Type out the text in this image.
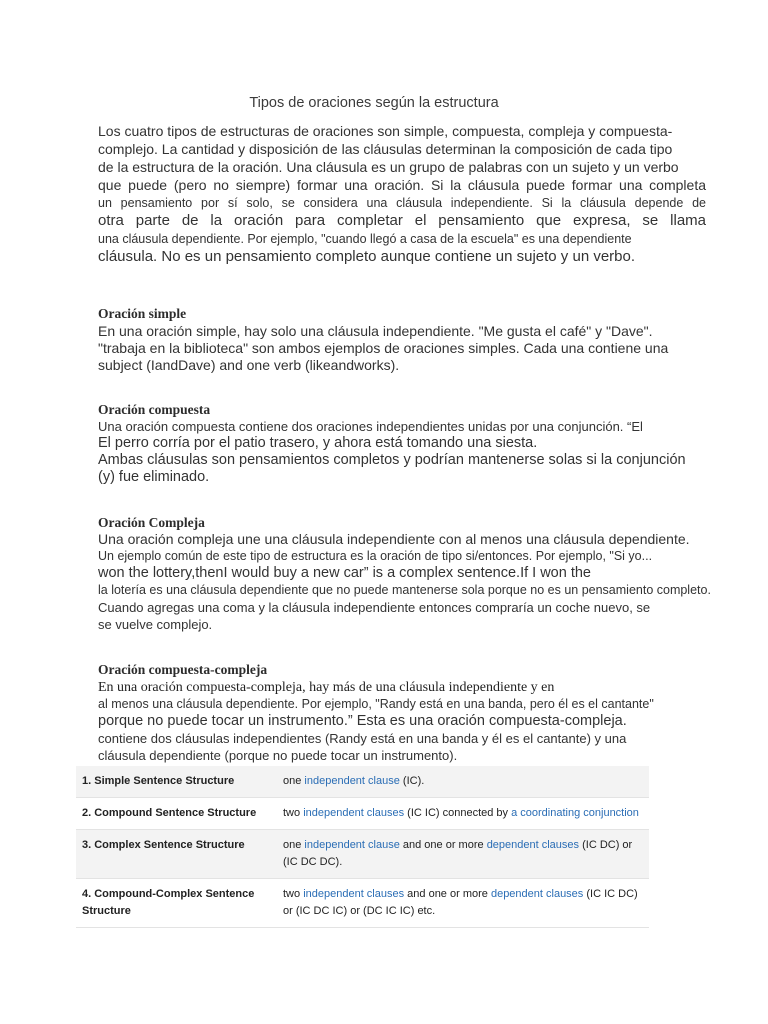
Tipos de oraciones según la estructura
Los cuatro tipos de estructuras de oraciones son simple, compuesta, compleja y compuesta-
complejo. La cantidad y disposición de las cláusulas determinan la composición de cada tipo
de la estructura de la oración. Una cláusula es un grupo de palabras con un sujeto y un verbo
que puede (pero no siempre) formar una oración. Si la cláusula puede formar una completa
un pensamiento por sí solo, se considera una cláusula independiente. Si la cláusula depende de
otra parte de la oración para completar el pensamiento que expresa, se llama
una cláusula dependiente. Por ejemplo, "cuando llegó a casa de la escuela" es una dependiente
cláusula. No es un pensamiento completo aunque contiene un sujeto y un verbo.
Oración simple
En una oración simple, hay solo una cláusula independiente. "Me gusta el café" y "Dave".
"trabaja en la biblioteca" son ambos ejemplos de oraciones simples. Cada una contiene una
subject (IandDave) and one verb (likeandworks).
Oración compuesta
Una oración compuesta contiene dos oraciones independientes unidas por una conjunción. “El
El perro corría por el patio trasero, y ahora está tomando una siesta.
Ambas cláusulas son pensamientos completos y podrían mantenerse solas si la conjunción
(y) fue eliminado.
Oración Compleja
Una oración compleja une una cláusula independiente con al menos una cláusula dependiente.
Un ejemplo común de este tipo de estructura es la oración de tipo si/entonces. Por ejemplo, "Si yo...
won the lottery,thenI would buy a new car” is a complex sentence.If I won the
la lotería es una cláusula dependiente que no puede mantenerse sola porque no es un pensamiento completo.
Cuando agregas una coma y la cláusula independiente entonces compraría un coche nuevo, se
se vuelve complejo.
Oración compuesta-compleja
En una oración compuesta-compleja, hay más de una cláusula independiente y en
al menos una cláusula dependiente. Por ejemplo, "Randy está en una banda, pero él es el cantante"
porque no puede tocar un instrumento.” Esta es una oración compuesta-compleja.
contiene dos cláusulas independientes (Randy está en una banda y él es el cantante) y una
cláusula dependiente (porque no puede tocar un instrumento).
1. Simple Sentence Structure	one independent clause (IC).
2. Compound Sentence Structure	two independent clauses (IC IC) connected by a coordinating conjunction
3. Complex Sentence Structure	one independent clause and one or more dependent clauses (IC DC) or
(IC DC DC).
4. Compound-Complex Sentence Structure
two independent clauses and one or more dependent clauses (IC IC DC)
or (IC DC IC) or (DC IC IC) etc.
